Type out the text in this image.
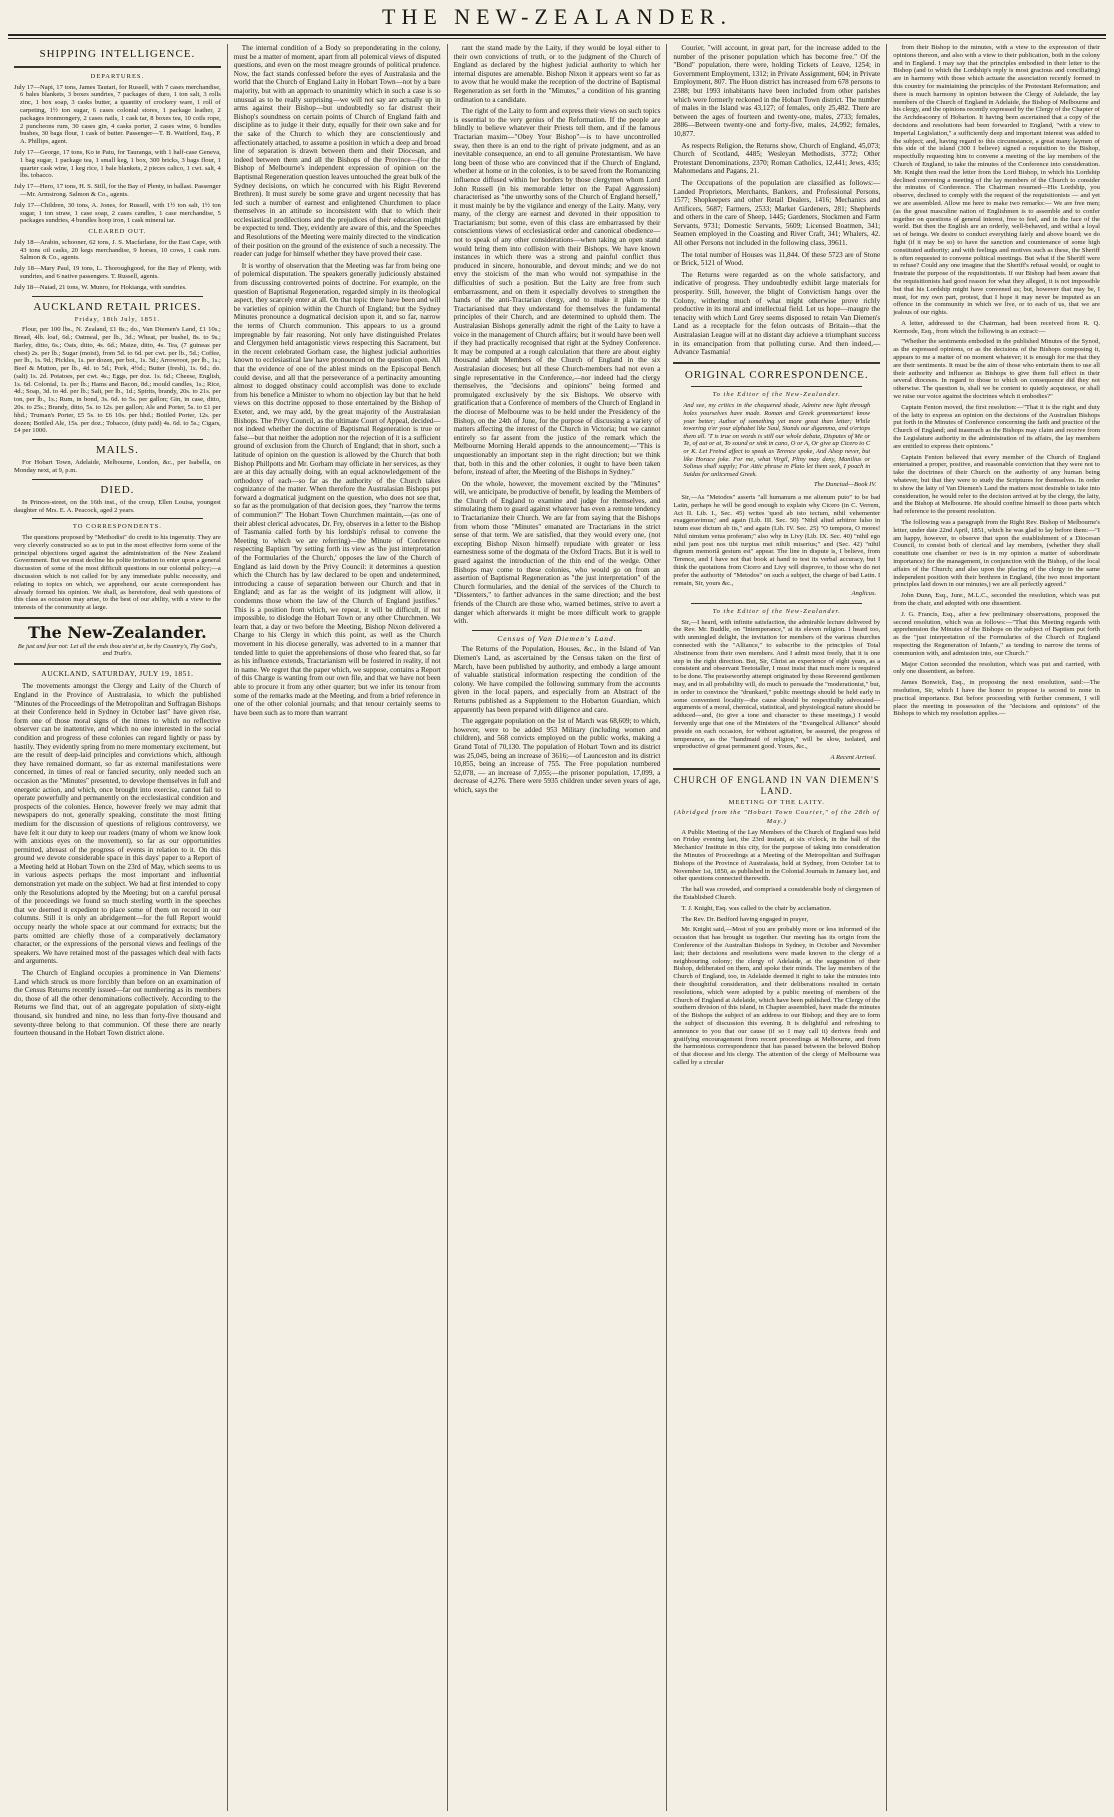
THE NEW-ZEALANDER.
SHIPPING INTELLIGENCE.
DEPARTURES.
July 17—Napi, 17 tons, James Tautari, for Russell, with 7 cases merchandise, 6 bales blankets, 3 boxes sundries, 7 packages of duro, 1 ton salt, 3 rolls zinc, 1 box soap, 3 casks butter, a quantity of crockery ware, 1 roll of carpeting, 1½ ton sugar, 6 cases colonial stores, 1 package leather, 2 packages ironmongery, 2 cases nails, 1 cask tar, 8 boxes tea, 10 coils rope, 2 puncheons rum, 30 cases gin, 4 casks porter, 2 cases wine, 6 bundles bushes, 30 bags flour, 1 cask of butter. Passenger—T. B. Waitford, Esq., P. A. Phillips, agent.
July 17—George, 17 tons, Ko te Patu, for Tauranga, with 1 half-case Geneva, 1 bag sugar, 1 package tea, 1 small keg, 1 box, 300 bricks, 3 bags flour, 1 quarter cask wine, 1 keg rice, 1 bale blankets, 2 pieces calico, 1 cwt. salt, 4 lbs. tobacco.
July 17—Hero, 17 tons, H. S. Still, for the Bay of Plenty, in ballast. Passenger—Mr. Armstrong. Salmon & Co., agents.
July 17—Children, 30 tons, A. Jones, for Russell, with 1½ ton salt, 1½ ton sugar, 1 ton straw, 1 case soap, 2 cases candles, 1 case merchandise, 5 packages sundries, 4 bundles hoop iron, 1 cask mineral tar.
CLEARED OUT.
July 18—Arabin, schooner, 62 tons, J. S. Macfarlane, for the East Cape, with 43 tons oil casks, 20 kegs merchandise, 9 horses, 10 cows, 1 cask rum. Salmon & Co., agents.
July 18—Mary Paul, 19 tons, L. Thoroughgood, for the Bay of Plenty, with sundries, and 6 native passengers. T. Russell, agents.
July 18—Naiad, 21 tons, W. Munro, for Hokianga, with sundries.
AUCKLAND RETAIL PRICES.
Friday, 18th July, 1851.
Flour, per 100 lbs., N. Zealand, £1 8s.; do., Van Diemen's Land, £1 10s.; Bread, 4lb. loaf, 6d.; Oatmeal, per lb., 3d.; Wheat, per bushel, 8s. to 9s.; Barley, ditto, 6s.; Oats, ditto, 4s. 6d.; Maize, ditto, 4s. Tea, (7 guineas per chest) 2s. per lb.; Sugar (moist), from 5d. to 6d. per cwt. per lb., 5d.; Coffee, per lb., 1s. 9d.; Pickles, 1s. per dozen, per bot., 1s. 3d.; Arrowroot, per lb., 1s.; Beef & Mutton, per lb., 4d. to 5d.; Pork, 4½d.; Butter (fresh), 1s. 6d.; do. (salt) 1s. 2d. Potatoes, per cwt. 4s.; Eggs, per doz. 1s. 6d.; Cheese, English, 1s. 6d. Colonial, 1s. per lb.; Hams and Bacon, 8d.; mould candles, 1s.; Rice, 4d.; Soap, 3d. to 4d. per lb.; Salt, per lb., 1d.; Spirits, brandy, 20s. to 21s. per ton, per lb., 1s.; Rum, in bond, 3s. 6d. to 5s. per gallon; Gin, in case, ditto, 20s. to 25s.; Brandy, ditto, 5s. to 12s. per gallon; Ale and Porter, 5s. to £1 per hhd.; Truman's Porter, £5 5s. to £6 10s. per hhd.; Bottled Porter, 12s. per dozen; Bottled Ale, 15s. per doz.; Tobacco, (duty paid) 4s. 6d. to 5s.; Cigars, £4 per 1000.
MAILS.
For Hobart Town, Adelaide, Melbourne, London, &c., per Isabella, on Monday next, at 9, p.m.
DIED.
In Princes-street, on the 16th inst., of the croup, Ellen Louisa, youngest daughter of Mrs. E. A. Peacock, aged 2 years.
TO CORRESPONDENTS.
The questions proposed by "Methodist" do credit to his ingenuity. They are very cleverly constructed so as to put in the most effective form some of the principal objections urged against the administration of the New Zealand Government. But we must decline his polite invitation to enter upon a general discussion of some of the most difficult questions in our colonial policy;—a discussion which is not called for by any immediate public necessity, and relating to topics on which, we apprehend, our acute correspondent has already formed his opinion. We shall, as heretofore, deal with questions of this class as occasion may arise, to the best of our ability, with a view to the interests of the community at large.
The New-Zealander.
Be just and fear not: Let all the ends thou aim'st at, be thy Country's, Thy God's, and Truth's.
AUCKLAND, SATURDAY, JULY 19, 1851.
The movements amongst the Clergy and Laity of the Church of England in the Province of Australasia, to which the published "Minutes of the Proceedings of the Metropolitan and Suffragan Bishops at their Conference held in Sydney in October last" have given rise, form one of those moral signs of the times to which no reflective observer can be inattentive, and which no one interested in the social condition and progress of these colonies can regard lightly or pass by hastily. They evidently spring from no mere momentary excitement, but are the result of deep-laid principles and convictions which, although they have remained dormant, so far as external manifestations were concerned, in times of real or fancied security, only needed such an occasion as the "Minutes" presented, to develope themselves in full and energetic action, and which, once brought into exercise, cannot fail to operate powerfully and permanently on the ecclesiastical condition and prospects of the colonies. Hence, however freely we may admit that newspapers do not, generally speaking, constitute the most fitting medium for the discussion of questions of religious controversy, we have felt it our duty to keep our readers (many of whom we know look with anxious eyes on the movement), so far as our opportunities permitted, abreast of the progress of events in relation to it. On this ground we devote considerable space in this days' paper to a Report of a Meeting held at Hobart Town on the 23rd of May, which seems to us in various aspects perhaps the most important and influential demonstration yet made on the subject. We had at first intended to copy only the Resolutions adopted by the Meeting; but on a careful perusal of the proceedings we found so much sterling worth in the speeches that we deemed it expedient to place some of them on record in our columns. Still it is only an abridgement—for the full Report would occupy nearly the whole space at our command for extracts; but the parts omitted are chiefly those of a comparatively declamatory character, or the expressions of the personal views and feelings of the speakers. We have retained most of the passages which deal with facts and arguments.
The Church of England occupies a prominence in Van Diemens' Land which struck us more forcibly than before on an examination of the Census Returns recently issued—far out numbering as its members do, those of all the other denominations collectively. According to the Returns we find that, out of an aggregate population of sixty-eight thousand, six hundred and nine, no less than forty-five thousand and seventy-three belong to that communion. Of these there are nearly fourteen thousand in the Hobart Town district alone.
The internal condition of a Body so preponderating in the colony, must be a matter of moment, apart from all polemical views of disputed questions, and even on the most meagre grounds of political prudence. Now, the fact stands confessed before the eyes of Australasia and the world that the Church of England Laity in Hobart Town—not by a bare majority, but with an approach to unanimity which in such a case is so unusual as to be really surprising—we will not say are actually up in arms against their Bishop—but undoubtedly so far distrust their Bishop's soundness on certain points of Church of England faith and discipline as to judge it their duty, equally for their own sake and for the sake of the Church to which they are conscientiously and affectionately attached, to assume a position in which a deep and broad line of separation is drawn between them and their Diocesan, and indeed between them and all the Bishops of the Province—(for the Bishop of Melbourne's independent expression of opinion on the Baptismal Regeneration question leaves untouched the great bulk of the Sydney decisions, on which he concurred with his Right Reverend Brethren). It must surely be some grave and urgent necessity that has led such a number of earnest and enlightened Churchmen to place themselves in an attitude so inconsistent with that to which their ecclesiastical predilections and the prejudices of their education might be expected to tend. They, evidently are aware of this, and the Speeches and Resolutions of the Meeting were mainly directed to the vindication of their position on the ground of the existence of such a necessity. The reader can judge for himself whether they have proved their case.
It is worthy of observation that the Meeting was far from being one of polemical disputation. The speakers generally judiciously abstained from discussing controverted points of doctrine. For example, on the question of Baptismal Regeneration, regarded simply in its theological aspect, they scarcely enter at all. On that topic there have been and will be varieties of opinion within the Church of England; but the Sydney Minutes pronounce a dogmatical decision upon it, and so far, narrow the terms of Church communion. This appears to us a ground impregnable by fair reasoning. Not only have distinguished Prelates and Clergymen held antagonistic views respecting this Sacrament, but in the recent celebrated Gorham case, the highest judicial authorities known to ecclesiastical law have pronounced on the question open. All that the evidence of one of the ablest minds on the Episcopal Bench could devise, and all that the perseverance of a pertinacity amounting almost to dogged obstinacy could accomplish was done to exclude from his benefice a Minister to whom no objection lay but that he held views on this doctrine opposed to those entertained by the Bishop of Exeter, and, we may add, by the great majority of the Australasian Bishops. The Privy Council, as the ultimate Court of Appeal, decided—not indeed whether the doctrine of Baptismal Regeneration is true or false—but that neither the adoption nor the rejection of it is a sufficient ground of exclusion from the Church of England; that in short, such a latitude of opinion on the question is allowed by the Church that both Bishop Phillpotts and Mr. Gorham may officiate in her services, as they are at this day actually doing, with an equal acknowledgement of the orthodoxy of each—so far as the authority of the Church takes cognizance of the matter. When therefore the Australasian Bishops put forward a dogmatical judgment on the question, who does not see that, so far as the promulgation of that decision goes, they "narrow the terms of communion?" The Hobart Town Churchmen maintain,—(as one of their ablest clerical advocates, Dr. Fry, observes in a letter to the Bishop of Tasmania called forth by his lordship's refusal to convene the Meeting to which we are referring)—the Minute of Conference respecting Baptism "by setting forth its view as 'the just interpretation of the Formularies of the Church,' opposes the law of the Church of England as laid down by the Privy Council: it determines a question which the Church has by law declared to be open and undetermined, introducing a cause of separation between our Church and that in England; and as far as the weight of its judgment will allow, it condemns those whom the law of the Church of England justifies." This is a position from which, we repeat, it will be difficult, if not impossible, to dislodge the Hobart Town or any other Churchmen. We learn that, a day or two before the Meeting, Bishop Nixon delivered a Charge to his Clergy in which this point, as well as the Church movement in his diocese generally, was adverted to in a manner that tended little to quiet the apprehensions of those who feared that, so far as his influence extends, Tractarianism will be fostered in reality, if not in name. We regret that the paper which, we suppose, contains a Report of this Charge is wanting from our own file, and that we have not been able to procure it from any other quarter; but we infer its tenour from some of the remarks made at the Meeting, and from a brief reference in one of the other colonial journals; and that tenour certainly seems to have been such as to more than warrant
rant the stand made by the Laity, if they would be loyal either to their own convictions of truth, or to the judgment of the Church of England as declared by the highest judicial authority to which her internal disputes are amenable. Bishop Nixon it appears went so far as to avow that he would make the reception of the doctrine of Baptismal Regeneration as set forth in the "Minutes," a condition of his granting ordination to a candidate.
The right of the Laity to form and express their views on such topics is essential to the very genius of the Reformation. If the people are blindly to believe whatever their Priests tell them, and if the famous Tractarian maxim—"Obey Your Bishop"—is to have uncontrolled sway, then there is an end to the right of private judgment, and as an inevitable consequence, an end to all genuine Protestantism. We have long been of those who are convinced that if the Church of England, whether at home or in the colonies, is to be saved from the Romanizing influence diffused within her borders by those clergymen whom Lord John Russell (in his memorable letter on the Papal Aggression) characterised as "the unworthy sons of the Church of England herself," it must mainly be by the vigilance and energy of the Laity. Many, very many, of the clergy are earnest and devoted in their opposition to Tractarianism; but some, even of this class are embarrassed by their conscientious views of ecclesiastical order and canonical obedience—not to speak of any other considerations—when taking an open stand would bring them into collision with their Bishops. We have known instances in which there was a strong and painful conflict thus produced in sincere, honourable, and devout minds; and we do not envy the stoicism of the man who would not sympathise in the difficulties of such a position. But the Laity are free from such embarrassment, and on them it especially devolves to strengthen the hands of the anti-Tractarian clergy, and to make it plain to the Tractarianised that they understand for themselves the fundamental principles of their Church, and are determined to uphold them. The Australasian Bishops generally admit the right of the Laity to have a voice in the management of Church affairs; but it would have been well if they had practically recognised that right at the Sydney Conference. It may be computed at a rough calculation that there are about eighty thousand adult Members of the Church of England in the six Australasian dioceses; but all these Church-members had not even a single representative in the Conference,—nor indeed had the clergy themselves, the "decisions and opinions" being formed and promulgated exclusively by the six Bishops. We observe with gratification that a Conference of members of the Church of England in the diocese of Melbourne was to be held under the Presidency of the Bishop, on the 24th of June, for the purpose of discussing a variety of matters affecting the interest of the Church in Victoria; but we cannot entirely so far assent from the justice of the remark which the Melbourne Morning Herald appends to the announcement;—"This is unquestionably an important step in the right direction; but we think that, both in this and the other colonies, it ought to have been taken before, instead of after, the Meeting of the Bishops in Sydney."
On the whole, however, the movement excited by the "Minutes" will, we anticipate, be productive of benefit, by leading the Members of the Church of England to examine and judge for themselves, and stimulating them to guard against whatever has even a remote tendency to Tractarianize their Church. We are far from saying that the Bishops from whom those "Minutes" emanated are Tractarians in the strict sense of that term. We are satisfied, that they would every one, (not excepting Bishop Nixon himself) repudiate with greater or less earnestness some of the dogmata of the Oxford Tracts. But it is well to guard against the introduction of the thin end of the wedge. Other Bishops may come to these colonies, who would go on from an assertion of Baptismal Regeneration as "the just interpretation" of the Church formularies, and the denial of the services of the Church to "Dissenters," to farther advances in the same direction; and the best friends of the Church are those who, warned betimes, strive to avert a danger which afterwards it might be more difficult work to grapple with.
Census of Van Diemen's Land.
The Returns of the Population, Houses, &c., in the Island of Van Diemen's Land, as ascertained by the Census taken on the first of March, have been published by authority, and embody a large amount of valuable statistical information respecting the condition of the colony. We have compiled the following summary from the accounts given in the local papers, and especially from an Abstract of the Returns published as a Supplement to the Hobarton Guardian, which apparently has been prepared with diligence and care.
The aggregate population on the 1st of March was 68,609; to which, however, were to be added 953 Military (including women and children), and 568 convicts employed on the public works, making a Grand Total of 70,130. The population of Hobart Town and its district was 25,045, being an increase of 3616;—of Launceston and its district 10,855, being an increase of 755. The Free population numbered 52,078, — an increase of 7,055;—the prisoner population, 17,099, a decrease of 4,276. There were 5935 children under seven years of age, which, says the
Courier, "will account, in great part, for the increase added to the number of the prisoner population which has become free." Of the "Bond" population, there were, holding Tickets of Leave, 1254; in Government Employment, 1312; in Private Assignment, 604; in Private Employment, 807. The Huon district has increased from 678 persons to 2388; but 1993 inhabitants have been included from other parishes which were formerly reckoned in the Hobart Town district. The number of males in the Island was 43,127; of females, only 25,482. There are between the ages of fourteen and twenty-one, males, 2733; females, 2886—Between twenty-one and forty-five, males, 24,992; females, 10,877.
As respects Religion, the Returns show, Church of England, 45,073; Church of Scotland, 4485; Wesleyan Methodists, 3772; Other Protestant Denominations, 2370; Roman Catholics, 12,441; Jews, 435; Mahomedans and Pagans, 21.
The Occupations of the population are classified as follows:—Landed Proprietors, Merchants, Bankers, and Professional Persons, 1577; Shopkeepers and other Retail Dealers, 1416; Mechanics and Artificers, 5687; Farmers, 2533; Market Gardeners, 281; Shepherds and others in the care of Sheep, 1445; Gardeners, Stockmen and Farm Servants, 9731; Domestic Servants, 5609; Licensed Boatmen, 341; Seamen employed in the Coasting and River Craft, 341; Whalers, 42. All other Persons not included in the following class, 39611.
The total number of Houses was 11,844. Of these 5723 are of Stone or Brick, 5121 of Wood.
The Returns were regarded as on the whole satisfactory, and indicative of progress. They undoubtedly exhibit large materials for prosperity. Still, however, the blight of Convictism hangs over the Colony, withering much of what might otherwise prove richly productive in its moral and intellectual field. Let us hope—maugre the tenacity with which Lord Grey seems disposed to retain Van Diemen's Land as a receptacle for the felon outcasts of Britain—that the Australasian League will at no distant day achieve a triumphant success in its emancipation from that polluting curse. And then indeed,—Advance Tasmania!
ORIGINAL CORRESPONDENCE.
To the Editor of the New-Zealander.
And see, my critics in the chequered shade, Admire new light through holes yourselves have made. Roman and Greek grammarians! know your better; Author of something yet more great than letter; While towering o'er your alphabet like Saul, Stands our digamma, and o'ertops them all. 'T is true on words is still our whole debate, Disputes of Me or Te, of aut or at, To sound or sink in cano, O or A, Or give up Cicero to C or K. Let Freind affect to speak as Terence spoke, And Alsop never, but like Horace joke. For me, what Virgil, Pliny may deny, Manilius or Solinus shall supply; For Attic phrase in Plato let them seek, I poach in Suidas for unlicensed Greek.
The Dunciad—Book IV.
Sir,—As "Metodos" asserts "all humanum a me alienum puto" to be bad Latin, perhaps he will be good enough to explain why Cicero (in C. Verrem, Act II. Lib. I., Sec. 45) writes 'quod ab isto tectum, nihil vehementer exaggeravimus;' and again (Lib. III. Sec. 50) "Nihil aliud arbitror falso in istum esse dictum ab iis," and again (Lib. IV. Sec. 25) "O tempora, O mores! Nihil nimium vetus proferam;" also why in Livy (Lib. IX. Sec. 40) "nihil ego nihil jam post nos tibi turpius mei nihili miserius;" and (Sec. 42) "nihil dignum memoriâ gestum est" appear. The line in dispute is, I believe, from Terence, and I have not that book at hand to test its verbal accuracy, but I think the quotations from Cicero and Livy will disprove, to those who do not prefer the authority of "Metodos" on such a subject, the charge of bad Latin. I remain, Sir, yours &c.,
Anglicus.
To the Editor of the New-Zealander.
Sir,—I heard, with infinite satisfaction, the admirable lecture delivered by the Rev. Mr. Buddle, on "Intemperance," at its eleven religion. I heard too, with unmingled delight, the invitation for members of the various churches connected with the "Alliance," to subscribe to the principles of Total Abstinence from their own members. And I admit most freely, that it is one step in the right direction. But, Sir, Christ an experience of eight years, as a consistent and observant Teetotaller, I must insist that much more is required to be done. The praiseworthy attempt originated by those Reverend gentlemen may, and in all probability will, do much to persuade the "moderationist," but, in order to convince the "drunkard," public meetings should be held early in some convenient locality—the cause should be respectfully advocated—arguments of a moral, chemical, statistical, and physiological nature should be adduced—and, (to give a tone and character to these meetings,) I would fervently urge that one of the Ministers of the "Evangelical Alliance" should preside on each occasion, for without agitation, be assured, the progress of temperance, as the "handmaid of religion," will be slow, isolated, and unproductive of great permanent good. Yours, &c.,
A Recent Arrival.
CHURCH OF ENGLAND IN VAN DIEMEN'S LAND.
MEETING OF THE LAITY.
(Abridged from the "Hobart Town Courier," of the 28th of May.)
A Public Meeting of the Lay Members of the Church of England was held on Friday evening last, the 23rd instant, at six o'clock, in the hall of the Mechanics' Institute in this city, for the purpose of taking into consideration the Minutes of Proceedings at a Meeting of the Metropolitan and Suffragan Bishops of the Province of Australasia, held at Sydney, from October 1st to November 1st, 1850, as published in the Colonial Journals in January last, and other questions connected therewith.
The hall was crowded, and comprised a considerable body of clergymen of the Established Church.
T. J. Knight, Esq. was called to the chair by acclamation.
The Rev. Dr. Bedford having engaged in prayer,
Mr. Knight said,—Most of you are probably more or less informed of the occasion that has brought us together. Our meeting has its origin from the Conference of the Australian Bishops in Sydney, in October and November last; their decisions and resolutions were made known to the clergy of a neighbouring colony; the clergy of Adelaide, at the suggestion of their Bishop, deliberated on them, and spoke their minds. The lay members of the Church of England, too, in Adelaide deemed it right to take the minutes into their thoughtful consideration, and their deliberations resulted in certain resolutions, which were adopted by a public meeting of members of the Church of England at Adelaide, which have been published. The Clergy of the southern division of this island, in Chapter assembled, have made the minutes of the Bishops the subject of an address to our Bishop; and they are to form the subject of discussion this evening. It is delightful and refreshing to announce to you that our cause (if so I may call it) derives fresh and gratifying encouragement from recent proceedings at Melbourne, and from the harmonious correspondence that has passed between the beloved Bishop of that diocese and his clergy. The attention of the clergy of Melbourne was called by a circular
from their Bishop to the minutes, with a view to the expression of their opinions thereon, and also with a view to their publication, both in the colony and in England. I may say that the principles embodied in their letter to the Bishop (and to which the Lordship's reply is most gracious and conciliating) are in harmony with those which actuate the association recently formed in this country for maintaining the principles of the Protestant Reformation; and there is much harmony in opinion between the Clergy of Adelaide, the lay members of the Church of England in Adelaide, the Bishop of Melbourne and his clergy, and the opinions recently expressed by the Clergy of the Chapter of the Archdeaconry of Hobarton. It having been ascertained that a copy of the decisions and resolutions had been forwarded to England, "with a view to Imperial Legislation," a sufficiently deep and important interest was added to the subject; and, having regard to this circumstance, a great many laymen of this side of the island (300 I believe) signed a requisition to the Bishop, respectfully requesting him to convene a meeting of the lay members of the Church of England, to take the minutes of the Conference into consideration. Mr. Knight then read the letter from the Lord Bishop, in which his Lordship declined convening a meeting of the lay members of the Church to consider the minutes of Conference. The Chairman resumed—His Lordship, you observe, declined to comply with the request of the requisitionists — and yet we are assembled. Allow me here to make two remarks:— We are free men; (as the great masculine nation of Englishmen is to assemble and to confer together on questions of general interest, free to feel, and in the face of the world. But then the English are an orderly, well-behaved, and withal a loyal set of beings. We desire to conduct everything fairly and above board; we do fight (if it may be so) to have the sanction and countenance of some high constituted authority; and with feelings and motives such as these, the Sheriff is often requested to convene political meetings. But what if the Sheriff were to refuse? Could any one imagine that the Sheriff's refusal would, or ought to frustrate the purpose of the requisitionists. If our Bishop had been aware that the requisitionists had good reason for what they alleged, it is not impossible but that his Lordship might have convened us; but, however that may be, I must, for my own part, protest, that I hope it may never be imputed as an offence in the community in which we live, or to each of us, that we are jealous of our rights.
A letter, addressed to the Chairman, had been received from R. Q. Kermode, Esq., from which the following is an extract:—
"Whether the sentiments embodied in the published Minutes of the Synod, as the expressed opinions, or as the decisions of the Bishops composing it, appears to me a matter of no moment whatever; it is enough for me that they are their sentiments. It must be the aim of those who entertain them to use all their authority and influence as Bishops to give them full effect in their several dioceses. In regard to those to which on consequence did they not otherwise. The question is, shall we be content to quietly acquiesce, or shall we raise our voice against the doctrines which it embodies?"
Captain Fenton moved, the first resolution:—"That it is the right and duty of the laity to express an opinion on the decisions of the Australian Bishops put forth in the Minutes of Conference concerning the faith and practice of the Church of England; and inasmuch as the Bishops may claim and receive from the Legislature authority in the administration of its affairs, the lay members are entitled to express their opinions."
Captain Fenton believed that every member of the Church of England entertained a proper, positive, and reasonable conviction that they were not to take the doctrines of their Church on the authority of any human being whatever, but that they were to study the Scriptures for themselves. In order to show the laity of Van Diemen's Land the matters most desirable to take into consideration, he would refer to the decision arrived at by the clergy, the laity, and the Bishop at Melbourne. He should confine himself to those parts which had reference to the present resolution.
The following was a paragraph from the Right Rev. Bishop of Melbourne's letter, under date 22nd April, 1851, which he was glad to lay before them:—"I am happy, however, to observe that upon the establishment of a Diocesan Council, to consist both of clerical and lay members, (whether they shall constitute one chamber or two is in my opinion a matter of subordinate importance) for the management, in conjunction with the Bishop, of the local affairs of the Church; and also upon the placing of the clergy in the same independent position with their brethren in England, (the two most important principles laid down in our minutes,) we are all perfectly agreed."
John Dunn, Esq., Junr., M.L.C., seconded the resolution, which was put from the chair, and adopted with one dissentient.
J. G. Francis, Esq., after a few preliminary observations, proposed the second resolution, which was as follows:—"That this Meeting regards with apprehension the Minutes of the Bishops on the subject of Baptism put forth as the "just interpretation of the Formularies of the Church of England respecting the Regeneration of Infants," as tending to narrow the terms of communion with, and admission into, our Church."
Major Cotton seconded the resolution, which was put and carried, with only one dissentient, as before.
James Bonwick, Esq., in proposing the next resolution, said:—The resolution, Sir, which I have the honor to propose is second to none in practical importance. But before proceeding with further comment, I will place the meeting in possession of the "decisions and opinions" of the Bishops to which my resolution applies.—
